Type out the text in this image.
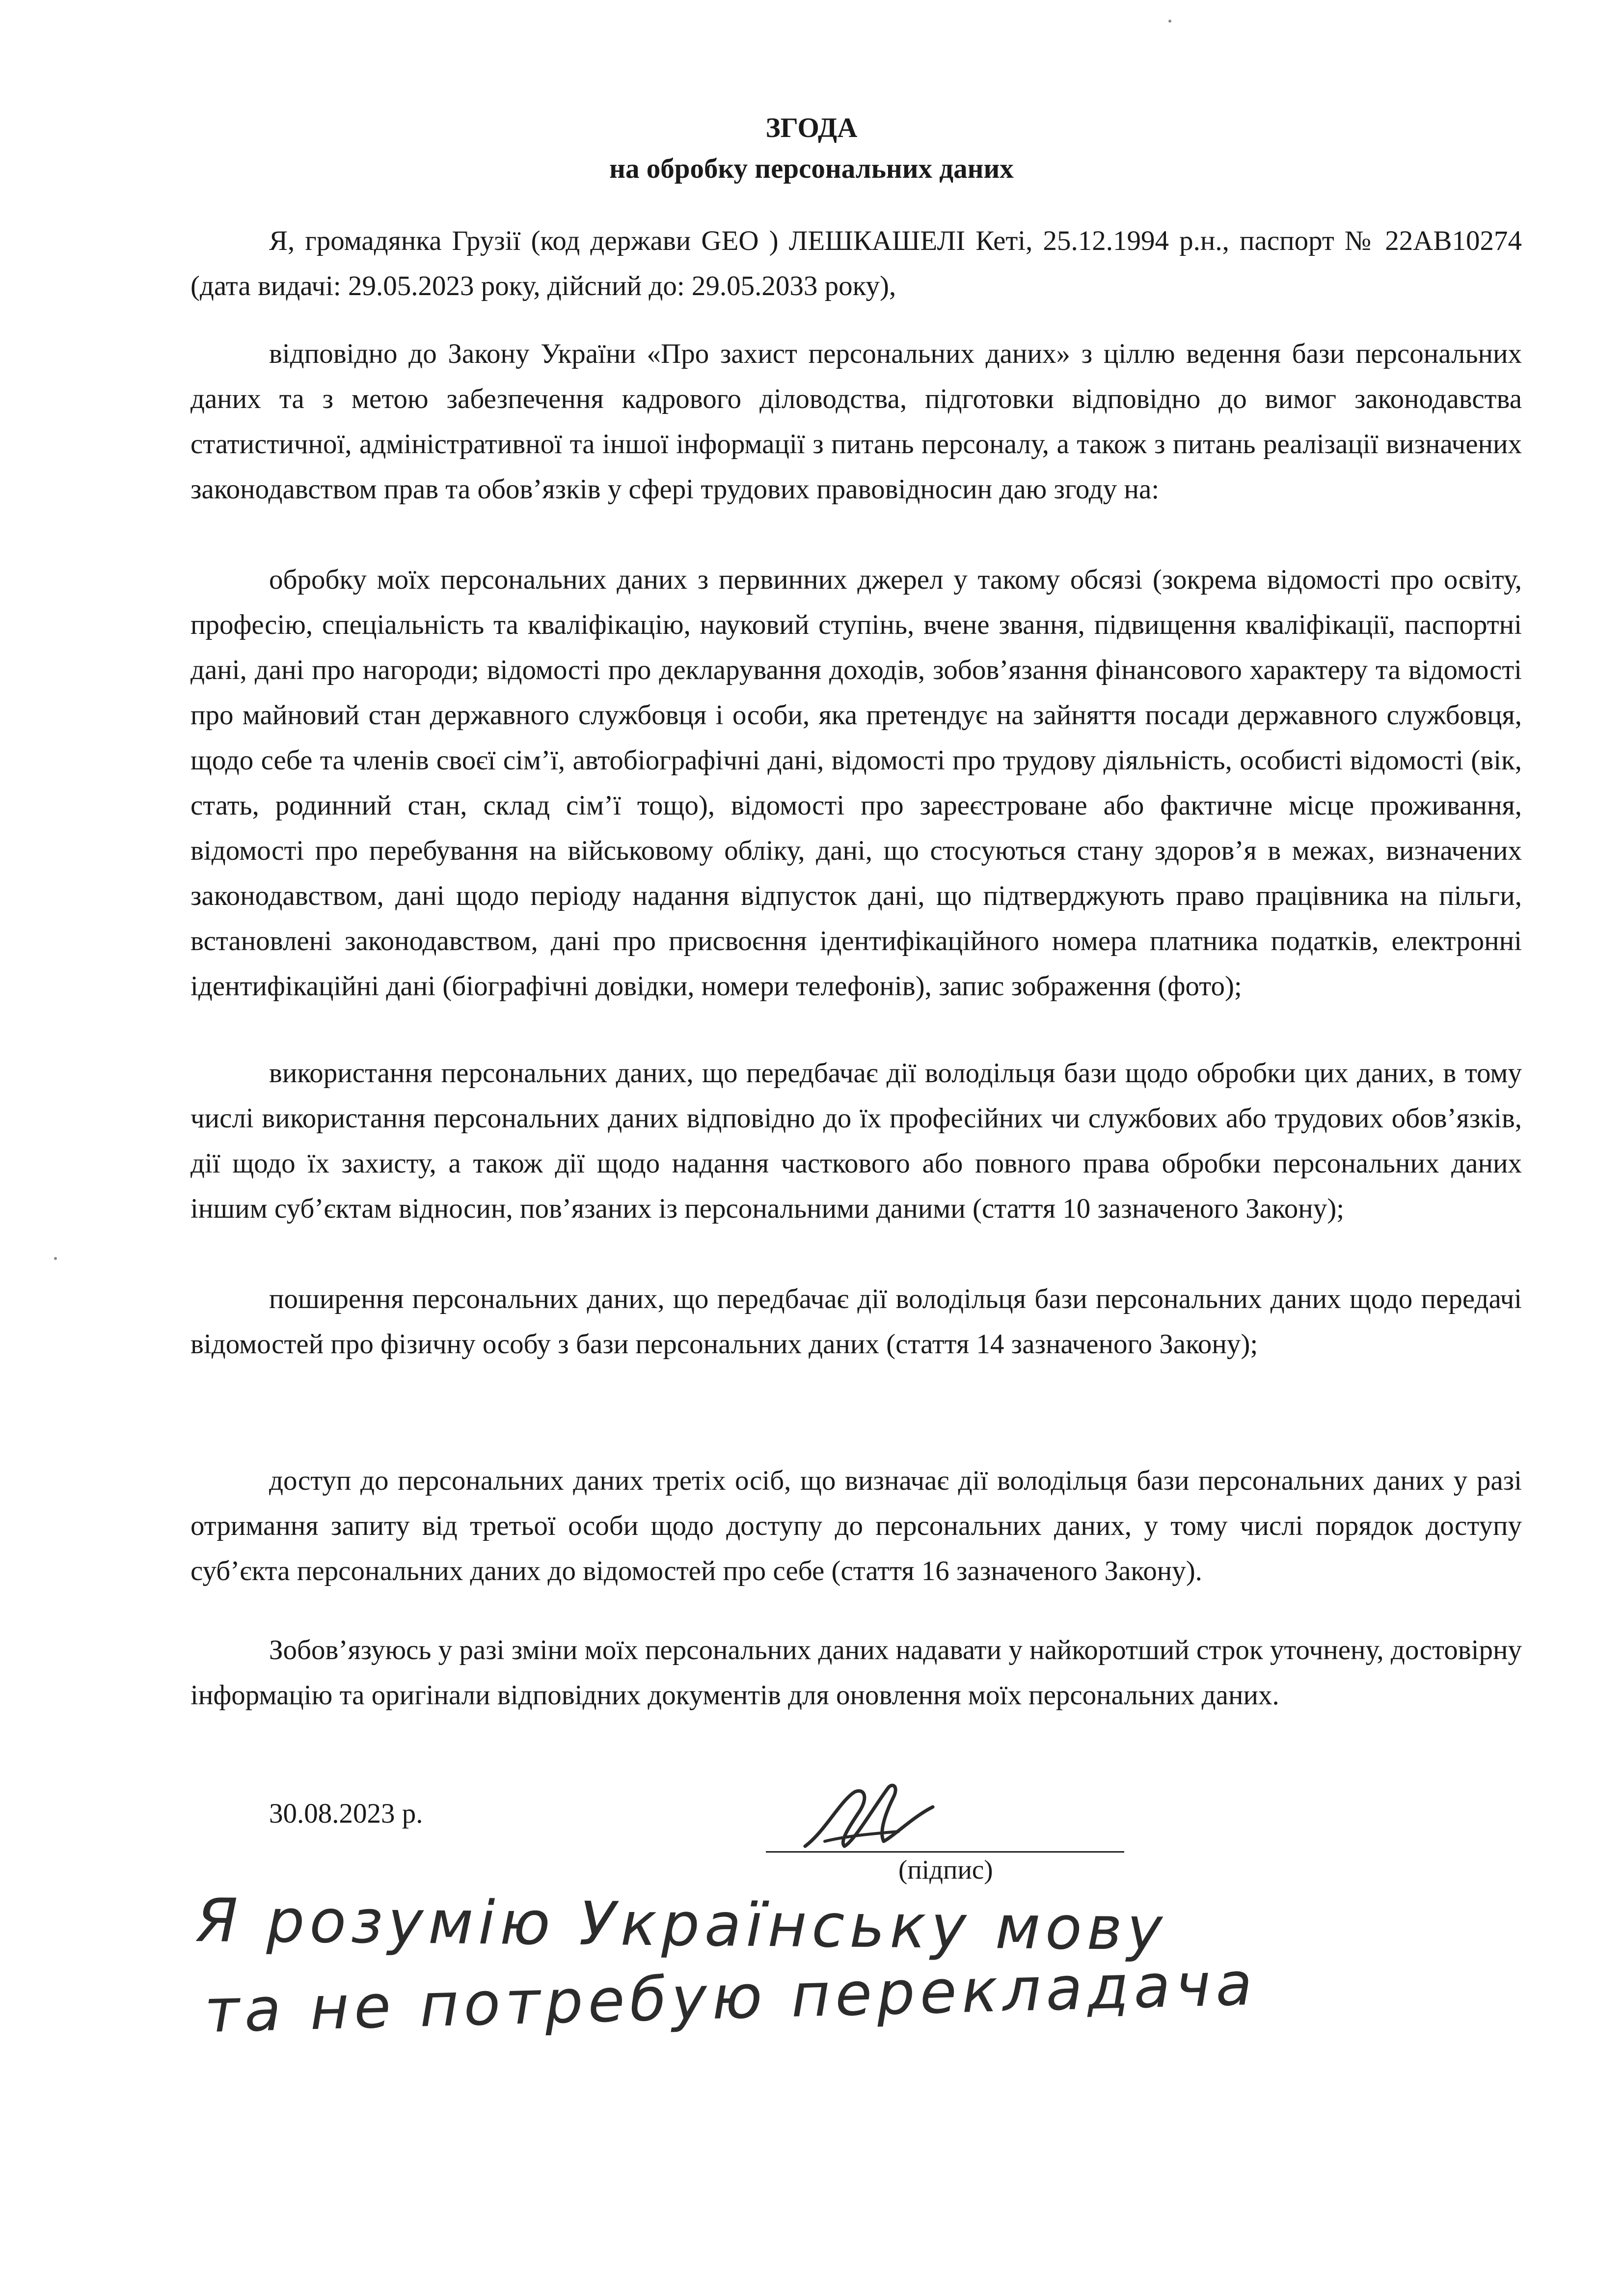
ЗГОДА
на обробку персональних даних

Я, громадянка Грузії (код держави GEO ) ЛЕШКАШЕЛІ Кеті, 25.12.1994 р.н., паспорт № 22АВ10274 (дата видачі: 29.05.2023 року, дійсний до: 29.05.2033 року),

відповідно до Закону України «Про захист персональних даних» з ціллю ведення бази персональних даних та з метою забезпечення кадрового діловодства, підготовки відповідно до вимог законодавства статистичної, адміністративної та іншої інформації з питань персоналу, а також з питань реалізації визначених законодавством прав та обов’язків у сфері трудових правовідносин даю згоду на:

обробку моїх персональних даних з первинних джерел у такому обсязі (зокрема відомості про освіту, професію, спеціальність та кваліфікацію, науковий ступінь, вчене звання, підвищення кваліфікації, паспортні дані, дані про нагороди; відомості про декларування доходів, зобов’язання фінансового характеру та відомості про майновий стан державного службовця і особи, яка претендує на зайняття посади державного службовця, щодо себе та членів своєї сім’ї, автобіографічні дані, відомості про трудову діяльність, особисті відомості (вік, стать, родинний стан, склад сім’ї тощо), відомості про зареєстроване або фактичне місце проживання, відомості про перебування на військовому обліку, дані, що стосуються стану здоров’я в межах, визначених законодавством, дані щодо періоду надання відпусток дані, що підтверджують право працівника на пільги, встановлені законодавством, дані про присвоєння ідентифікаційного номера платника податків, електронні ідентифікаційні дані (біографічні довідки, номери телефонів), запис зображення (фото);

використання персональних даних, що передбачає дії володільця бази щодо обробки цих даних, в тому числі використання персональних даних відповідно до їх професійних чи службових або трудових обов’язків, дії щодо їх захисту, а також дії щодо надання часткового або повного права обробки персональних даних іншим суб’єктам відносин, пов’язаних із персональними даними (стаття 10 зазначеного Закону);

поширення персональних даних, що передбачає дії володільця бази персональних даних щодо передачі відомостей про фізичну особу з бази персональних даних (стаття 14 зазначеного Закону);

доступ до персональних даних третіх осіб, що визначає дії володільця бази персональних даних у разі отримання запиту від третьої особи щодо доступу до персональних даних, у тому числі порядок доступу суб’єкта персональних даних до відомостей про себе (стаття 16 зазначеного Закону).

Зобов’язуюсь у разі зміни моїх персональних даних надавати у найкоротший строк уточнену, достовірну інформацію та оригінали відповідних документів для оновлення моїх персональних даних.

30.08.2023 р.
(підпис)
Я розумію Українську мову
та не потребую перекладача
